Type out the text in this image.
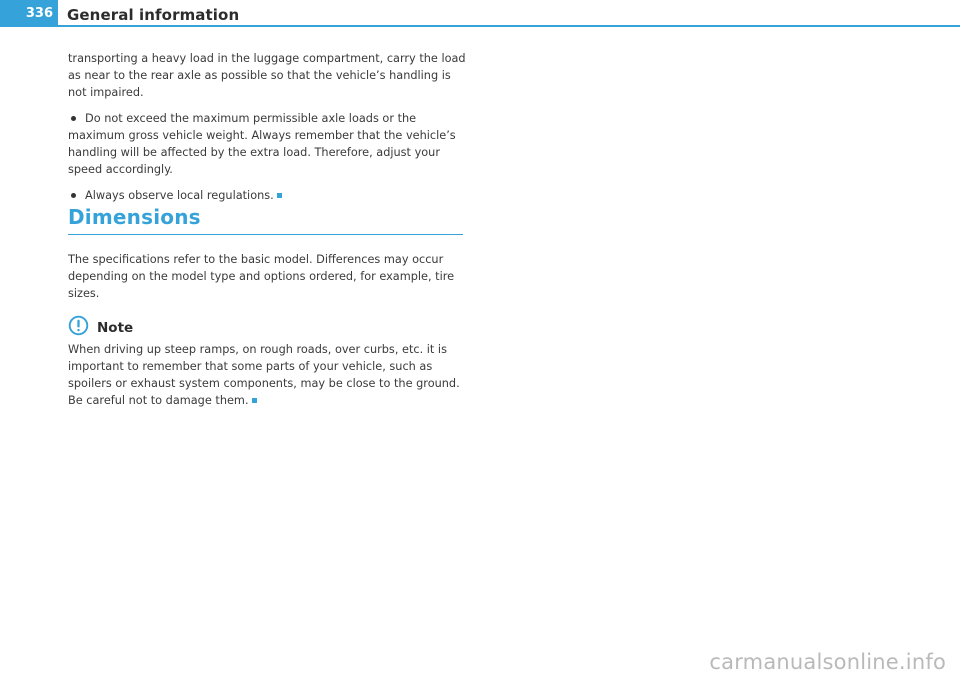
336 General information

transporting a heavy load in the luggage compartment, carry the load as near to the rear axle as possible so that the vehicle’s handling is not impaired.

Do not exceed the maximum permissible axle loads or the maximum gross vehicle weight. Always remember that the vehicle’s handling will be affected by the extra load. Therefore, adjust your speed accordingly.

Always observe local regulations.

Dimensions

The specifications refer to the basic model. Differences may occur depending on the model type and options ordered, for example, tire sizes.

Note

When driving up steep ramps, on rough roads, over curbs, etc. it is important to remember that some parts of your vehicle, such as spoilers or exhaust system components, may be close to the ground. Be careful not to damage them.

carmanualsonline.info
